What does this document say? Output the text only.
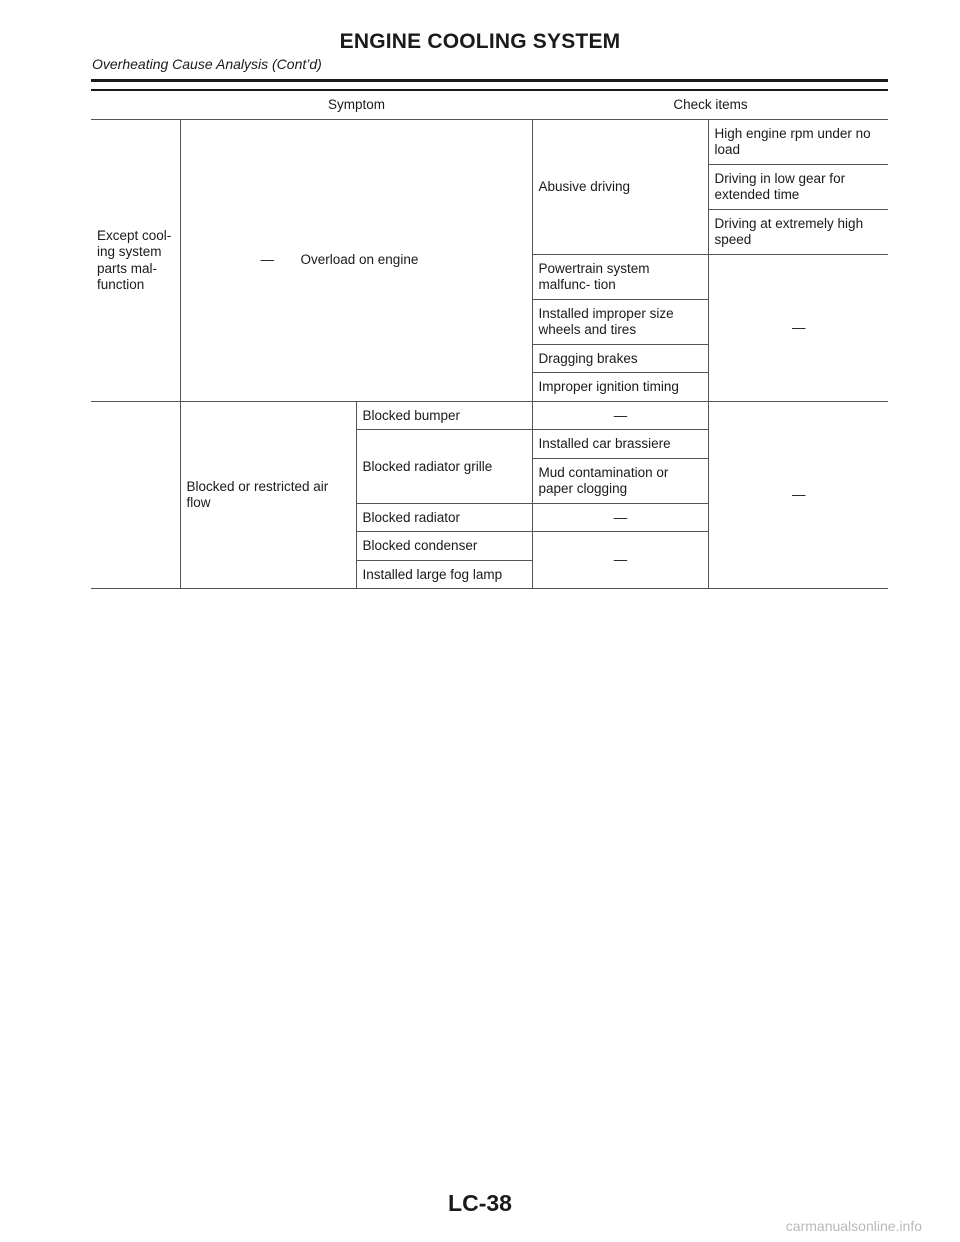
ENGINE COOLING SYSTEM
Overheating Cause Analysis (Cont’d)
	Symptom		Check items	
Except cool- ing system parts mal- function	— Overload on engine		Abusive driving	High engine rpm under no load
				Driving in low gear for extended time
				Driving at extremely high speed
			Powertrain system malfunc- tion	—
			Installed improper size wheels and tires	
			Dragging brakes	
			Improper ignition timing	
	Blocked or restricted air flow	Blocked bumper	—	—
		Blocked radiator grille	Installed car brassiere	
			Mud contamination or paper clogging	
		Blocked radiator	—	
		Blocked condenser	—	
		Installed large fog lamp		

LC-38
carmanualsonline.info
